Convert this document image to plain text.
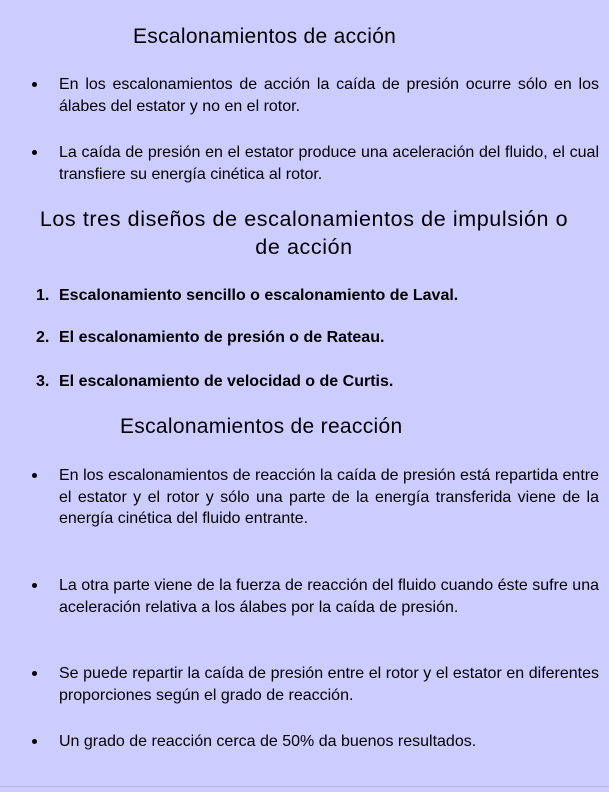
Escalonamientos de acción
En los escalonamientos de acción la caída de presión ocurre sólo en los álabes del estator y no en el rotor.
La caída de presión en el estator produce una aceleración del fluido, el cual transfiere su energía cinética al rotor.
Los tres diseños de escalonamientos de impulsión o de acción
1. Escalonamiento sencillo o escalonamiento de Laval.
2. El escalonamiento de presión o de Rateau.
3. El escalonamiento de velocidad o de Curtis.
Escalonamientos de reacción
En los escalonamientos de reacción la caída de presión está repartida entre el estator y el rotor y sólo una parte de la energía transferida viene de la energía cinética del fluido entrante.
La otra parte viene de la fuerza de reacción del fluido cuando éste sufre una aceleración relativa a los álabes por la caída de presión.
Se puede repartir la caída de presión entre el rotor y el estator en diferentes proporciones según el grado de reacción.
Un grado de reacción cerca de 50% da buenos resultados.
